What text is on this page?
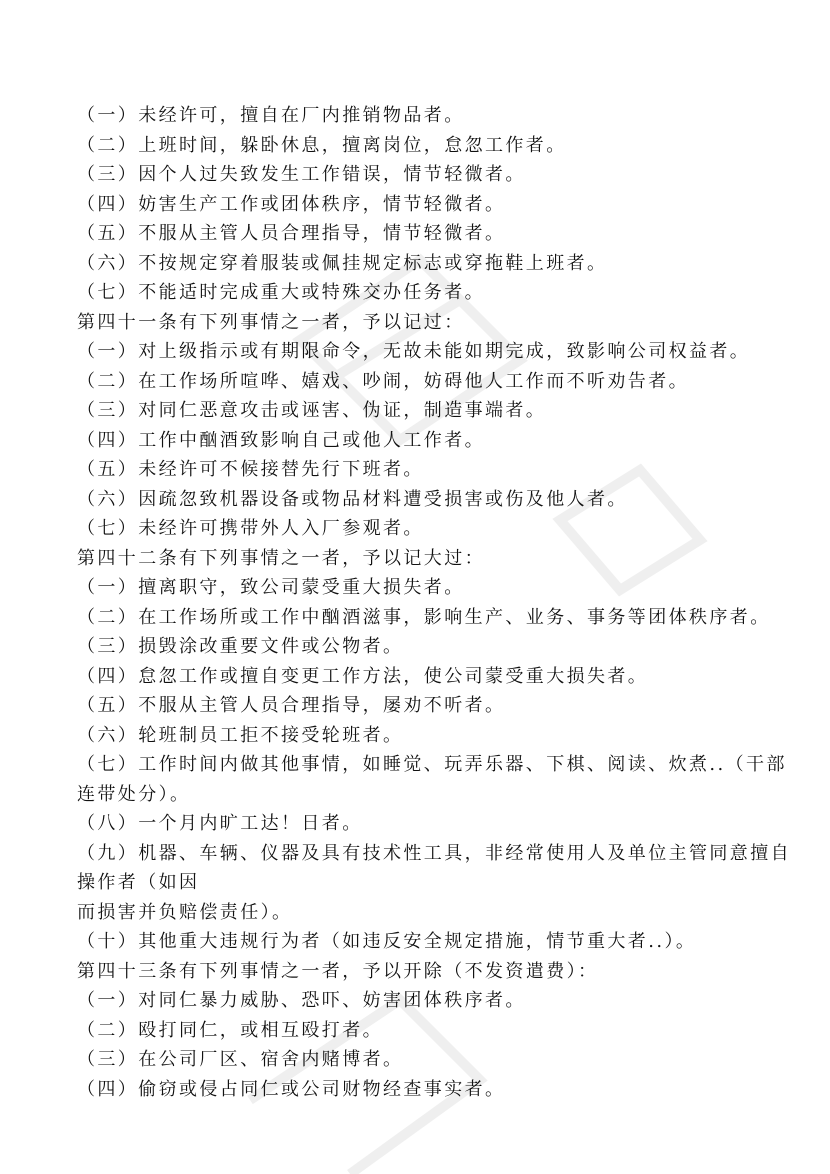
（一）未经许可，擅自在厂内推销物品者。
（二）上班时间，躲卧休息，擅离岗位，怠忽工作者。
（三）因个人过失致发生工作错误，情节轻微者。
（四）妨害生产工作或团体秩序，情节轻微者。
（五）不服从主管人员合理指导，情节轻微者。
（六）不按规定穿着服装或佩挂规定标志或穿拖鞋上班者。
（七）不能适时完成重大或特殊交办任务者。
第四十一条有下列事情之一者，予以记过：
（一）对上级指示或有期限命令，无故未能如期完成，致影响公司权益者。
（二）在工作场所喧哗、嬉戏、吵闹，妨碍他人工作而不听劝告者。
（三）对同仁恶意攻击或诬害、伪证，制造事端者。
（四）工作中酗酒致影响自己或他人工作者。
（五）未经许可不候接替先行下班者。
（六）因疏忽致机器设备或物品材料遭受损害或伤及他人者。
（七）未经许可携带外人入厂参观者。
第四十二条有下列事情之一者，予以记大过：
（一）擅离职守，致公司蒙受重大损失者。
（二）在工作场所或工作中酗酒滋事，影响生产、业务、事务等团体秩序者。
（三）损毁涂改重要文件或公物者。
（四）怠忽工作或擅自变更工作方法，使公司蒙受重大损失者。
（五）不服从主管人员合理指导，屡劝不听者。
（六）轮班制员工拒不接受轮班者。
（七）工作时间内做其他事情，如睡觉、玩弄乐器、下棋、阅读、炊煮..（干部
连带处分）。
（八）一个月内旷工达！日者。
（九）机器、车辆、仪器及具有技术性工具，非经常使用人及单位主管同意擅自
操作者（如因
而损害并负赔偿责任）。
（十）其他重大违规行为者（如违反安全规定措施，情节重大者..）。
第四十三条有下列事情之一者，予以开除（不发资遣费）：
（一）对同仁暴力威胁、恐吓、妨害团体秩序者。
（二）殴打同仁，或相互殴打者。
（三）在公司厂区、宿舍内赌博者。
（四）偷窃或侵占同仁或公司财物经查事实者。
